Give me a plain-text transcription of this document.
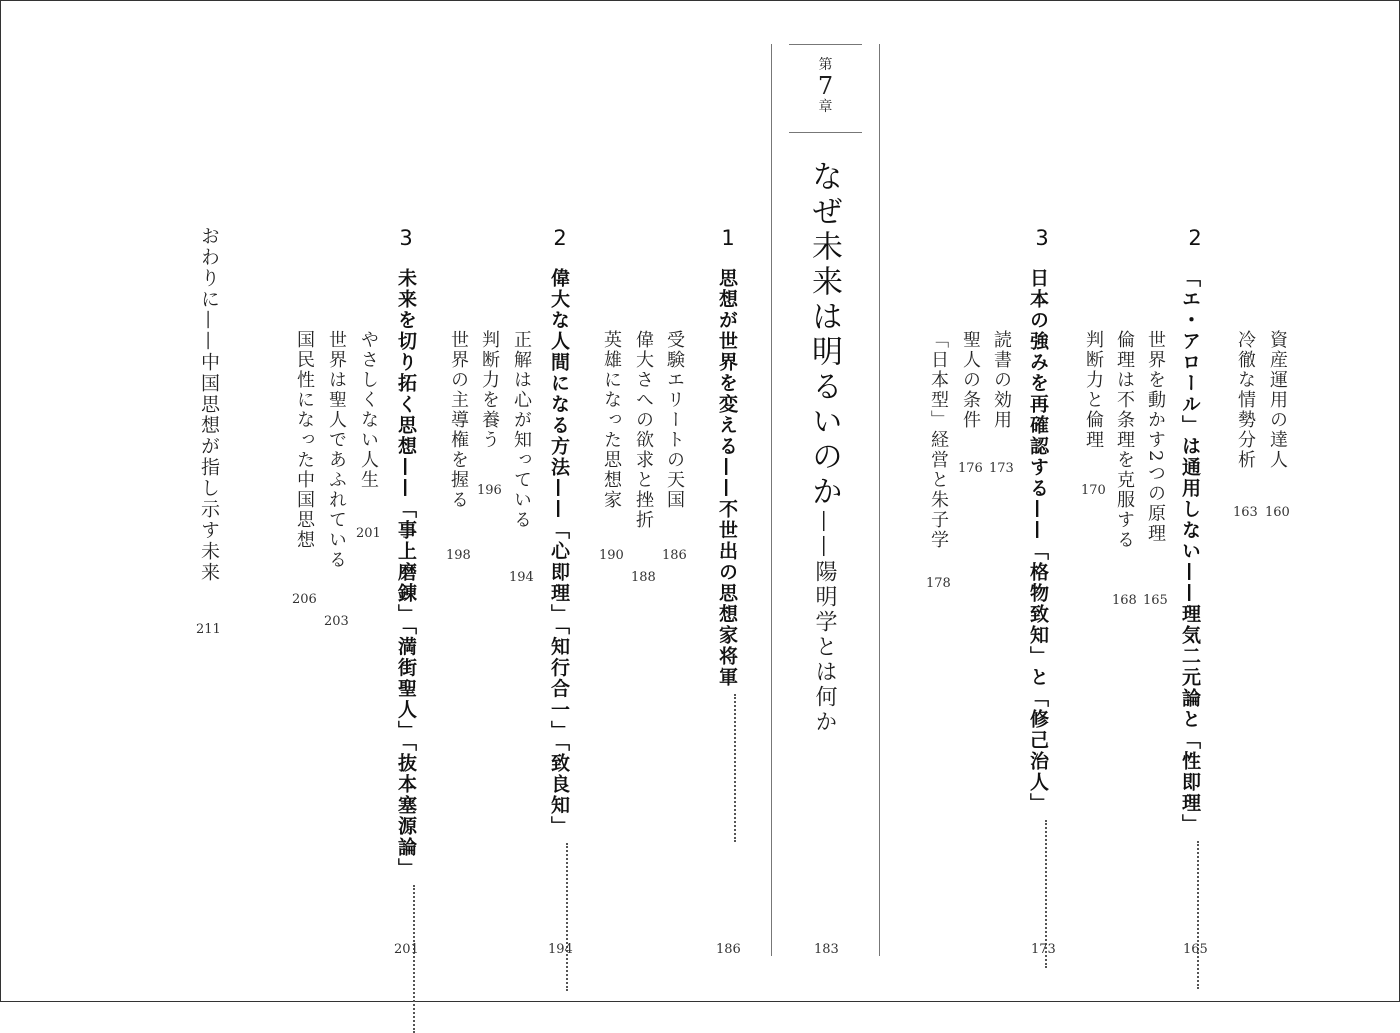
2
「エ・アロール」は通用しない——理気二元論と「性即理」
165
資産運用の達人
160
冷徹な情勢分析
163
世界を動かす2つの原理
165
倫理は不条理を克服する
168
判断力と倫理
170
3
日本の強みを再確認する——「格物致知」と「修己治人」
173
読書の効用
173
聖人の条件
176
「日本型」経営と朱子学
178
第
7
章
なぜ未来は明るいのか——陽明学とは何か
183
1
思想が世界を変える——不世出の思想家将軍
186
受験エリートの天国
186
偉大さへの欲求と挫折
188
英雄になった思想家
190
2
偉大な人間になる方法——「心即理」「知行合一」「致良知」
194
正解は心が知っている
194
判断力を養う
196
世界の主導権を握る
198
3
未来を切り拓く思想——「事上磨錬」「満街聖人」「抜本塞源論」
201
やさしくない人生
201
世界は聖人であふれている
203
国民性になった中国思想
206
おわりに——中国思想が指し示す未来
211
